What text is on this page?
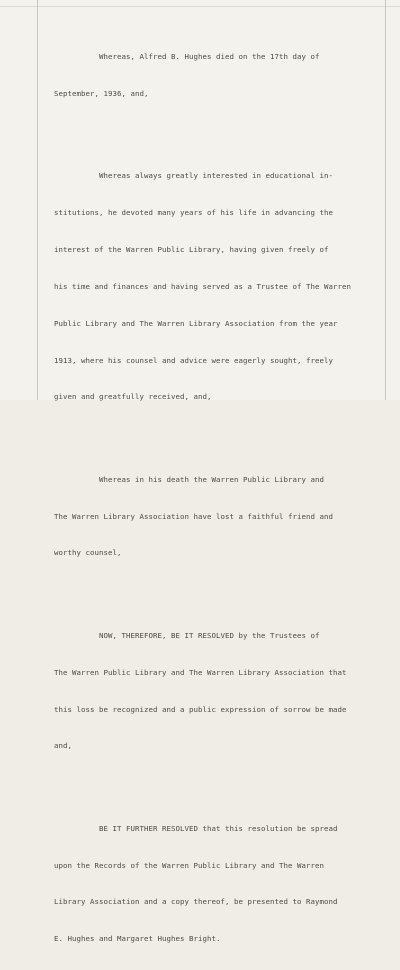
Whereas, Alfred B. Hughes died on the 17th day of

September, 1936, and,

Whereas always greatly interested in educational in-

stitutions, he devoted many years of his life in advancing the

interest of the Warren Public Library, having given freely of

his time and finances and having served as a Trustee of The Warren

Public Library and The Warren Library Association from the year

1913, where his counsel and advice were eagerly sought, freely

given and greatfully received, and,

Whereas in his death the Warren Public Library and

The Warren Library Association have lost a faithful friend and

worthy counsel,

NOW, THEREFORE, BE IT RESOLVED by the Trustees of

The Warren Public Library and The Warren Library Association that

this loss be recognized and a public expression of sorrow be made

and,

BE IT FURTHER RESOLVED that this resolution be spread

upon the Records of the Warren Public Library and The Warren

Library Association and a copy thereof, be presented to Raymond

E. Hughes and Margaret Hughes Bright.
